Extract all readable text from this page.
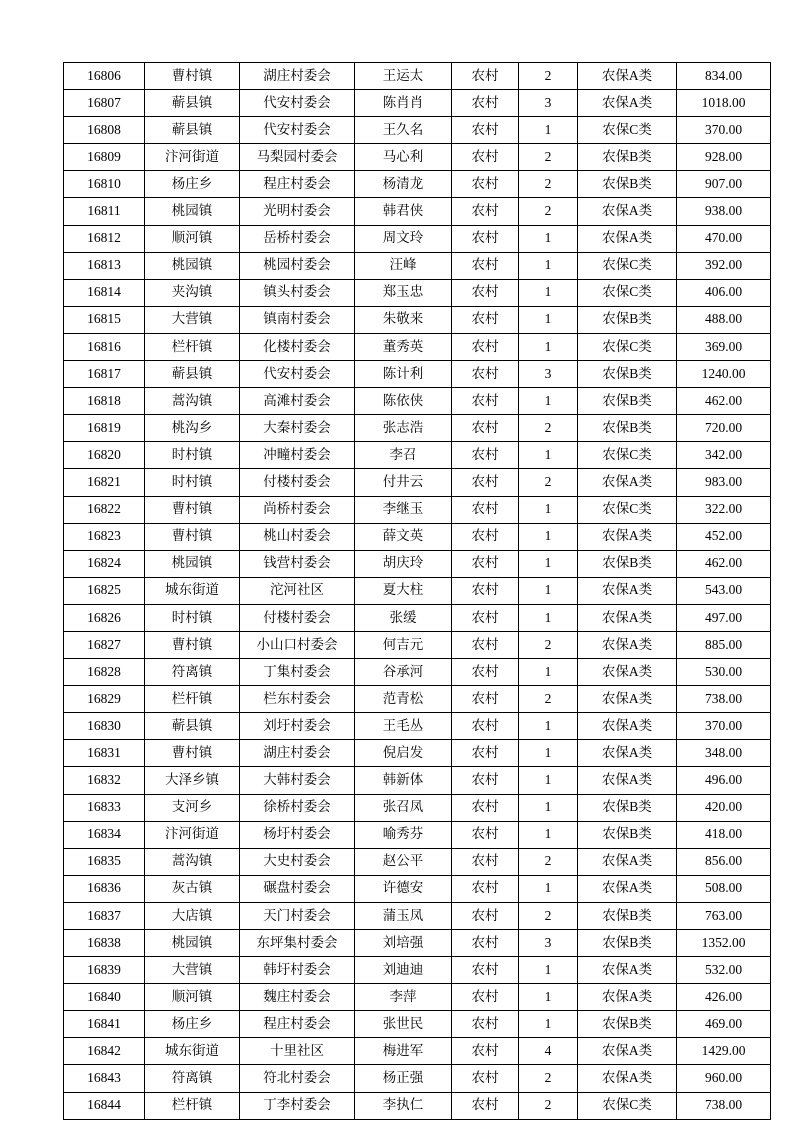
16806	曹村镇	湖庄村委会	王运太	农村	2	农保A类	834.00
16807	蕲县镇	代安村委会	陈肖肖	农村	3	农保A类	1018.00
16808	蕲县镇	代安村委会	王久名	农村	1	农保C类	370.00
16809	汴河街道	马梨园村委会	马心利	农村	2	农保B类	928.00
16810	杨庄乡	程庄村委会	杨清龙	农村	2	农保B类	907.00
16811	桃园镇	光明村委会	韩君侠	农村	2	农保A类	938.00
16812	顺河镇	岳桥村委会	周文玲	农村	1	农保A类	470.00
16813	桃园镇	桃园村委会	汪峰	农村	1	农保C类	392.00
16814	夹沟镇	镇头村委会	郑玉忠	农村	1	农保C类	406.00
16815	大营镇	镇南村委会	朱敬来	农村	1	农保B类	488.00
16816	栏杆镇	化楼村委会	董秀英	农村	1	农保C类	369.00
16817	蕲县镇	代安村委会	陈计利	农村	3	农保B类	1240.00
16818	蒿沟镇	高滩村委会	陈依侠	农村	1	农保B类	462.00
16819	桃沟乡	大秦村委会	张志浩	农村	2	农保B类	720.00
16820	时村镇	冲疃村委会	李召	农村	1	农保C类	342.00
16821	时村镇	付楼村委会	付井云	农村	2	农保A类	983.00
16822	曹村镇	尚桥村委会	李继玉	农村	1	农保C类	322.00
16823	曹村镇	桃山村委会	薛文英	农村	1	农保A类	452.00
16824	桃园镇	钱营村委会	胡庆玲	农村	1	农保B类	462.00
16825	城东街道	沱河社区	夏大柱	农村	1	农保A类	543.00
16826	时村镇	付楼村委会	张缓	农村	1	农保A类	497.00
16827	曹村镇	小山口村委会	何吉元	农村	2	农保A类	885.00
16828	符离镇	丁集村委会	谷承河	农村	1	农保A类	530.00
16829	栏杆镇	栏东村委会	范青松	农村	2	农保A类	738.00
16830	蕲县镇	刘圩村委会	王毛丛	农村	1	农保A类	370.00
16831	曹村镇	湖庄村委会	倪启发	农村	1	农保A类	348.00
16832	大泽乡镇	大韩村委会	韩新体	农村	1	农保A类	496.00
16833	支河乡	徐桥村委会	张召凤	农村	1	农保B类	420.00
16834	汴河街道	杨圩村委会	喻秀芬	农村	1	农保B类	418.00
16835	蒿沟镇	大史村委会	赵公平	农村	2	农保A类	856.00
16836	灰古镇	碾盘村委会	许德安	农村	1	农保A类	508.00
16837	大店镇	天门村委会	蒲玉凤	农村	2	农保B类	763.00
16838	桃园镇	东坪集村委会	刘培强	农村	3	农保B类	1352.00
16839	大营镇	韩圩村委会	刘迪迪	农村	1	农保A类	532.00
16840	顺河镇	魏庄村委会	李萍	农村	1	农保A类	426.00
16841	杨庄乡	程庄村委会	张世民	农村	1	农保B类	469.00
16842	城东街道	十里社区	梅进军	农村	4	农保A类	1429.00
16843	符离镇	符北村委会	杨正强	农村	2	农保A类	960.00
16844	栏杆镇	丁李村委会	李执仁	农村	2	农保C类	738.00
